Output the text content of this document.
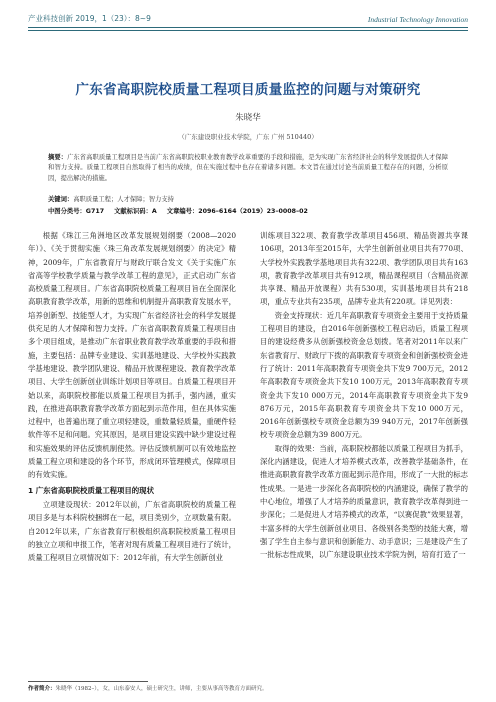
产业科技创新 2019，1（23）：8~9	Industrial Technology Innovation
广东省高职院校质量工程项目质量监控的问题与对策研究
朱晓华
（广东建设职业技术学院，广东 广州 510440）
摘要：广东省高职质量工程项目是当前广东省高职院校职业教育教学改革重要的手段和措施，是为实现广东省经济社会的科学发展提供人才保障和智力支持。质量工程项目自然取得了相当的成绩，但在实施过程中也存在着诸多问题。本文旨在通过讨论当前质量工程存在的问题，分析原因，提出解决的措施。
关键词：高职质量工程；人才保障；智力支持
中图分类号：G717 文献标识码：A 文章编号：2096–6164（2019）23–0008–02

根据《珠江三角洲地区改革发展规划纲要（2008—2020年）》、《关于贯彻实施〈珠三角改革发展规划纲要〉的决定》精神，2009年，广东省教育厅与财政厅联合发文《关于实施广东省高等学校教学质量与教学改革工程的意见》，正式启动广东省高校质量工程项目。广东省高职院校质量工程项目旨在全面深化高职教育教学改革，用新的思维和机制提升高职教育发展水平，培养创新型、技能型人才，为实现广东省经济社会的科学发展提供充足的人才保障和智力支持。广东省高职教育质量工程项目由多个项目组成，是推动广东省职业教育教学改革重要的手段和措施，主要包括：品牌专业建设、实训基地建设、大学校外实践教学基地建设、教学团队建设、精品开放课程建设、教育教学改革项目、大学生创新创业训练计划项目等项目。自质量工程项目开始以来，高职院校都能以质量工程项目为抓手，强内涵，重实践，在推进高职教育教学改革方面起到示范作用，但在具体实施过程中，也普遍出现了重立项轻建设，重数量轻质量，重硬件轻软件等不足和问题。究其原因，是项目建设实践中缺少建设过程和实施效果的评估反馈机制使然。评估反馈机制可以有效地监控质量工程立项和建设的各个环节，形成闭环管理模式，保障项目的有效实施。

1 广东省高职院校质量工程项目的现状

立项建设现状：2012年以前，广东省高职院校的质量工程项目多是与本科院校捆绑在一起，项目类别少，立项数量有限。自2012年以来，广东省教育厅积极组织高职院校质量工程项目的独立立项和申报工作，笔者对现有质量工程项目进行了统计，质量工程项目立项情况如下：2012年前，有大学生创新创业

训练项目322项、教育教学改革项目456项、精品资源共享课106项，2013年至2015年，大学生创新创业项目共有770项、大学校外实践教学基地项目共有322项、教学团队项目共有163项，教育教学改革项目共有912项，精品课程项目（含精品资源共享课、精品开放课程）共有530项，实训基地项目共有218项，重点专业共有235项，品牌专业共有220项。详见列表：

资金支持现状：近几年高职教育专项资金主要用于支持质量工程项目的建设，自2016年创新强校工程启动后，质量工程项目的建设经费多从创新强校资金总划拨。笔者对2011年以来广东省教育厅、财政厅下拨的高职教育专项资金和创新强校资金进行了统计：2011年高职教育专项资金共下发9 700万元，2012年高职教育专项资金共下发10 100万元，2013年高职教育专项资金共下发10 000万元，2014年高职教育专项资金共下发9 876万元，2015年高职教育专项资金共下发10 000万元，2016年创新强校专项资金总额为39 940万元，2017年创新强校专项资金总额为39 800万元。

取得的效果：当前，高职院校都能以质量工程项目为抓手，深化内涵建设，促进人才培养模式改革，改善教学基础条件，在推进高职教育教学改革方面起到示范作用，形成了一大批的标志性成果。一是进一步深化各高职院校的内涵建设，确保了教学的中心地位，增强了人才培养的质量意识，教育教学改革得到进一步深化；二是促进人才培养模式的改革，“以赛促教”效果显著，丰富多样的大学生创新创业项目、各级别各类型的技能大赛，增强了学生自主参与意识和创新能力、动手意识；三是建设产生了一批标志性成果，以广东建设职业技术学院为例，培育打造了一

作者简介：朱晓华（1982–），女，山东泰安人，硕士研究生，讲师，主要从事高等教育方面研究。
